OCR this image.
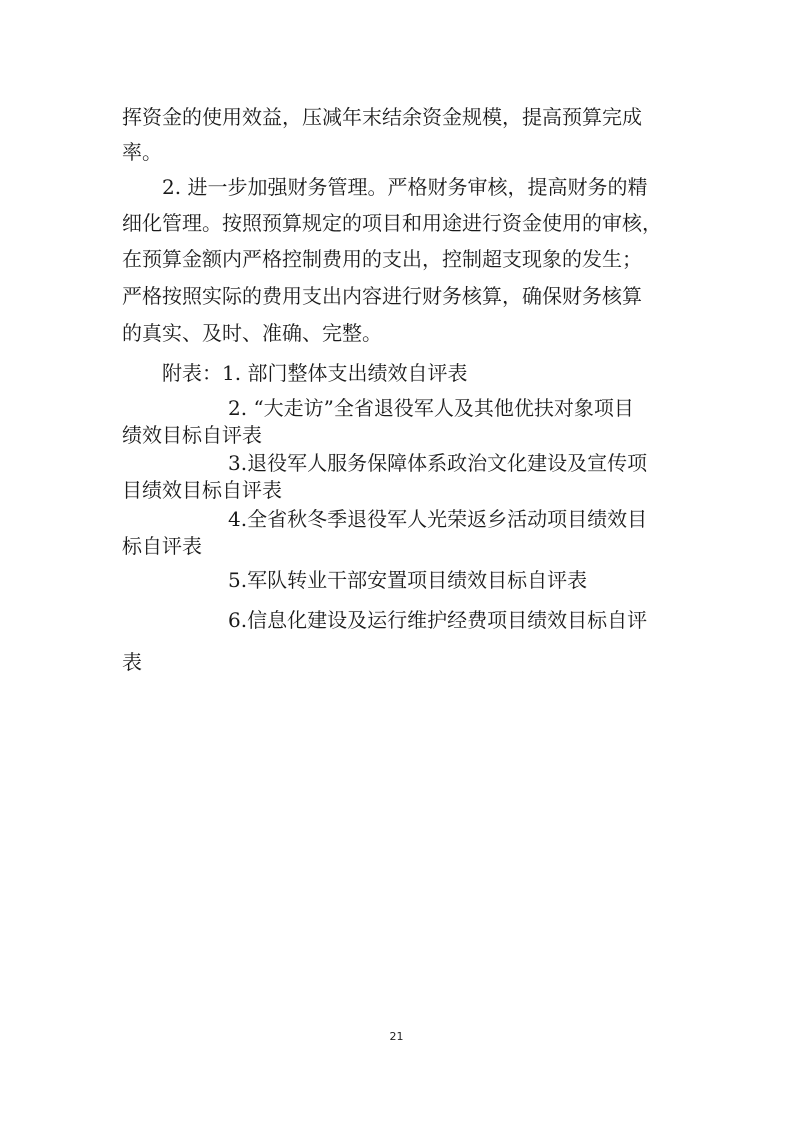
挥资金的使用效益，压减年末结余资金规模，提高预算完成
率。
2. 进一步加强财务管理。严格财务审核，提高财务的精
细化管理。按照预算规定的项目和用途进行资金使用的审核，
在预算金额内严格控制费用的支出，控制超支现象的发生；
严格按照实际的费用支出内容进行财务核算，确保财务核算
的真实、及时、准确、完整。
附表：1. 部门整体支出绩效自评表
2. “大走访”全省退役军人及其他优扶对象项目
绩效目标自评表
3.退役军人服务保障体系政治文化建设及宣传项
目绩效目标自评表
4.全省秋冬季退役军人光荣返乡活动项目绩效目
标自评表
5.军队转业干部安置项目绩效目标自评表
6.信息化建设及运行维护经费项目绩效目标自评
表
21
